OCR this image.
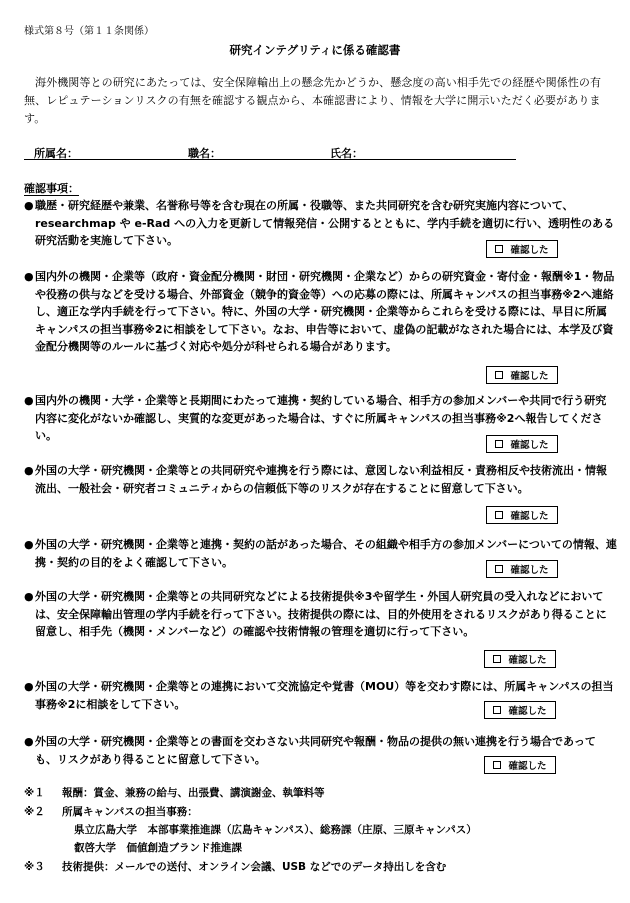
様式第８号（第１１条関係）
研究インテグリティに係る確認書
海外機関等との研究にあたっては、安全保障輸出上の懸念先かどうか、懸念度の高い相手先での経歴や関係性の有無、レピュテーションリスクの有無を確認する観点から、本確認書により、情報を大学に開示いただく必要があります。
所属名：	職名：	氏名：
確認事項：
● 職歴・研究経歴や兼業、名誉称号等を含む現在の所属・役職等、また共同研究を含む研究実施内容について、researchmap や e-Rad への入力を更新して情報発信・公開するとともに、学内手続を適切に行い、透明性のある研究活動を実施して下さい。
確認した
● 国内外の機関・企業等（政府・資金配分機関・財団・研究機関・企業など）からの研究資金・寄付金・報酬※1・物品や役務の供与などを受ける場合、外部資金（競争的資金等）への応募の際には、所属キャンパスの担当事務※2へ連絡し、適正な学内手続を行って下さい。特に、外国の大学・研究機関・企業等からこれらを受ける際には、早目に所属キャンパスの担当事務※2に相談をして下さい。なお、申告等において、虚偽の記載がなされた場合には、本学及び資金配分機関等のルールに基づく対応や処分が科せられる場合があります。
確認した
● 国内外の機関・大学・企業等と長期間にわたって連携・契約している場合、相手方の参加メンバーや共同で行う研究内容に変化がないか確認し、実質的な変更があった場合は、すぐに所属キャンパスの担当事務※2へ報告してください。
確認した
● 外国の大学・研究機関・企業等との共同研究や連携を行う際には、意図しない利益相反・責務相反や技術流出・情報流出、一般社会・研究者コミュニティからの信頼低下等のリスクが存在することに留意して下さい。
確認した
● 外国の大学・研究機関・企業等と連携・契約の話があった場合、その組織や相手方の参加メンバーについての情報、連携・契約の目的をよく確認して下さい。
確認した
● 外国の大学・研究機関・企業等との共同研究などによる技術提供※3や留学生・外国人研究員の受入れなどにおいては、安全保障輸出管理の学内手続を行って下さい。技術提供の際には、目的外使用をされるリスクがあり得ることに留意し、相手先（機関・メンバーなど）の確認や技術情報の管理を適切に行って下さい。
確認した
● 外国の大学・研究機関・企業等との連携において交流協定や覚書（MOU）等を交わす際には、所属キャンパスの担当事務※2に相談をして下さい。
確認した
● 外国の大学・研究機関・企業等との書面を交わさない共同研究や報酬・物品の提供の無い連携を行う場合であっても、リスクがあり得ることに留意して下さい。
確認した
※１ 報酬：賞金、兼務の給与、出張費、講演謝金、執筆料等
※２ 所属キャンパスの担当事務：
県立広島大学　本部事業推進課（広島キャンパス）、総務課（庄原、三原キャンパス）
叡啓大学　価値創造ブランド推進課
※３ 技術提供：メールでの送付、オンライン会議、USB などでのデータ持出しを含む
